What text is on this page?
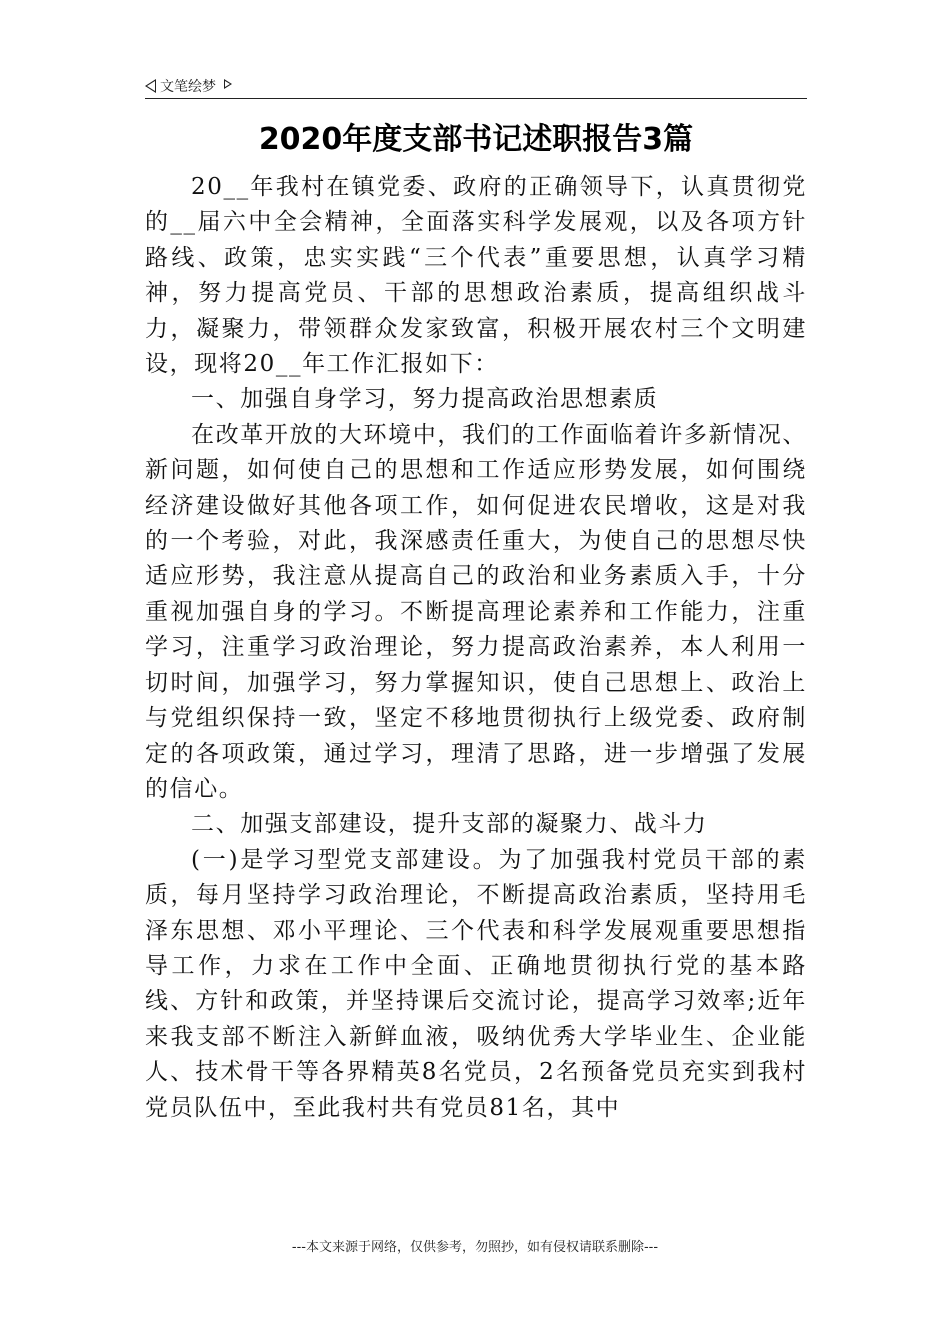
文笔绘梦
2020年度支部书记述职报告3篇

20__年我村在镇党委、政府的正确领导下，认真贯彻党的__届六中全会精神，全面落实科学发展观，以及各项方针路线、政策，忠实实践“三个代表”重要思想，认真学习精神，努力提高党员、干部的思想政治素质，提高组织战斗力，凝聚力，带领群众发家致富，积极开展农村三个文明建设，现将20__年工作汇报如下：

一、加强自身学习，努力提高政治思想素质

在改革开放的大环境中，我们的工作面临着许多新情况、新问题，如何使自己的思想和工作适应形势发展，如何围绕经济建设做好其他各项工作，如何促进农民增收，这是对我的一个考验，对此，我深感责任重大，为使自己的思想尽快适应形势，我注意从提高自己的政治和业务素质入手，十分重视加强自身的学习。不断提高理论素养和工作能力，注重学习，注重学习政治理论，努力提高政治素养，本人利用一切时间，加强学习，努力掌握知识，使自己思想上、政治上与党组织保持一致，坚定不移地贯彻执行上级党委、政府制定的各项政策，通过学习，理清了思路，进一步增强了发展的信心。

二、加强支部建设，提升支部的凝聚力、战斗力

(一)是学习型党支部建设。为了加强我村党员干部的素质，每月坚持学习政治理论，不断提高政治素质，坚持用毛泽东思想、邓小平理论、三个代表和科学发展观重要思想指导工作，力求在工作中全面、正确地贯彻执行党的基本路线、方针和政策，并坚持课后交流讨论，提高学习效率;近年来我支部不断注入新鲜血液，吸纳优秀大学毕业生、企业能人、技术骨干等各界精英8名党员，2名预备党员充实到我村党员队伍中，至此我村共有党员81名，其中

---本文来源于网络，仅供参考，勿照抄，如有侵权请联系删除---
